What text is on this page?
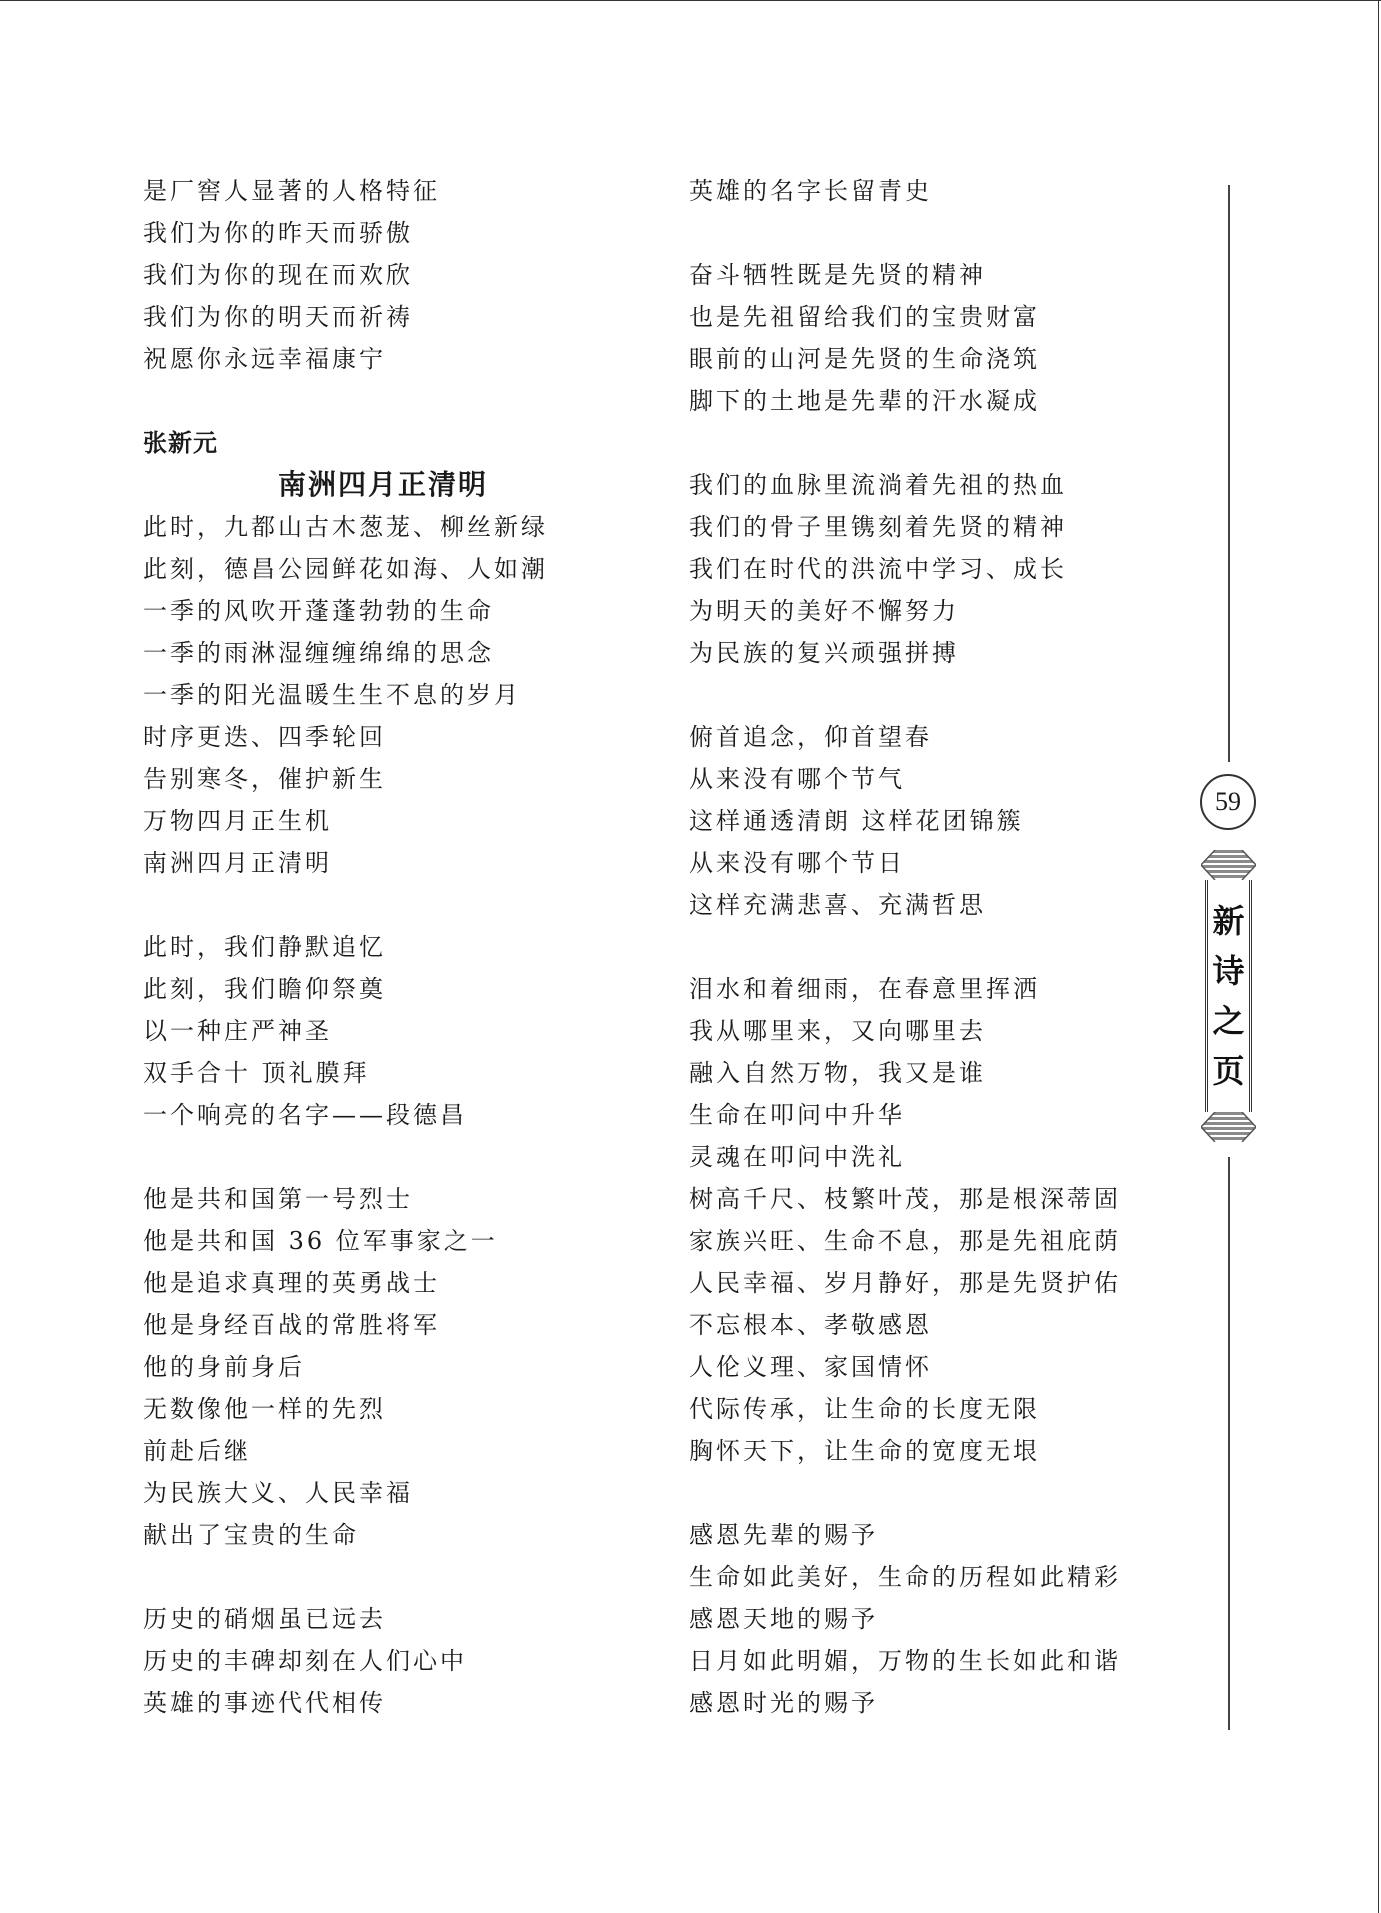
是厂窖人显著的人格特征
我们为你的昨天而骄傲
我们为你的现在而欢欣
我们为你的明天而祈祷
祝愿你永远幸福康宁
张新元
南洲四月正清明
此时，九都山古木葱茏、柳丝新绿
此刻，德昌公园鲜花如海、人如潮
一季的风吹开蓬蓬勃勃的生命
一季的雨淋湿缠缠绵绵的思念
一季的阳光温暖生生不息的岁月
时序更迭、四季轮回
告别寒冬，催护新生
万物四月正生机
南洲四月正清明
此时，我们静默追忆
此刻，我们瞻仰祭奠
以一种庄严神圣
双手合十 顶礼膜拜
一个响亮的名字——段德昌
他是共和国第一号烈士
他是共和国 36 位军事家之一
他是追求真理的英勇战士
他是身经百战的常胜将军
他的身前身后
无数像他一样的先烈
前赴后继
为民族大义、人民幸福
献出了宝贵的生命
历史的硝烟虽已远去
历史的丰碑却刻在人们心中
英雄的事迹代代相传
英雄的名字长留青史
奋斗牺牲既是先贤的精神
也是先祖留给我们的宝贵财富
眼前的山河是先贤的生命浇筑
脚下的土地是先辈的汗水凝成
我们的血脉里流淌着先祖的热血
我们的骨子里镌刻着先贤的精神
我们在时代的洪流中学习、成长
为明天的美好不懈努力
为民族的复兴顽强拼搏
俯首追念，仰首望春
从来没有哪个节气
这样通透清朗 这样花团锦簇
从来没有哪个节日
这样充满悲喜、充满哲思
泪水和着细雨，在春意里挥洒
我从哪里来，又向哪里去
融入自然万物，我又是谁
生命在叩问中升华
灵魂在叩问中洗礼
树高千尺、枝繁叶茂，那是根深蒂固
家族兴旺、生命不息，那是先祖庇荫
人民幸福、岁月静好，那是先贤护佑
不忘根本、孝敬感恩
人伦义理、家国情怀
代际传承，让生命的长度无限
胸怀天下，让生命的宽度无垠
感恩先辈的赐予
生命如此美好，生命的历程如此精彩
感恩天地的赐予
日月如此明媚，万物的生长如此和谐
感恩时光的赐予
59
新
诗
之
页
